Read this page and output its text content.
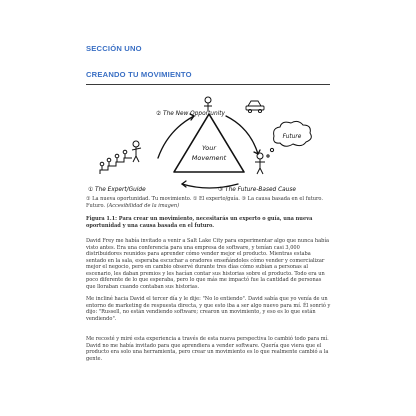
SECCIÓN UNO
CREANDO TU MOVIMIENTO
Your
Movement
② The New Opportunity
Future
① The Expert/Guide	③ The Future-Based Cause
① La nueva oportunidad. Tu movimiento. ① El experto/guía. ③ La causa basada en el futuro. Futuro. (Accesibilidad de la imagen)
Figura 1.1: Para crear un movimiento, necesitarás un experto o guía, una nueva oportunidad y una causa basada en el futuro.
David Frey me había invitado a venir a Salt Lake City para experimentar algo que nunca había visto antes. Era una conferencia para una empresa de software, y tenían casi 3,000 distribuidores reunidos para aprender cómo vender mejor el producto. Mientras estaba sentado en la sala, esperaba escuchar a oradores enseñándoles cómo vender y comercializar mejor el negocio, pero en cambio observé durante tres días cómo subían a personas al escenario, les daban premios y les hacían contar sus historias sobre el producto. Todo era un poco diferente de lo que esperaba, pero lo que más me impactó fue la cantidad de personas que lloraban cuando contaban sus historias.
Me incliné hacia David el tercer día y le dije: "No lo entiendo". David sabía que yo venía de un entorno de marketing de respuesta directa, y que esto iba a ser algo nuevo para mí. Él sonrió y dijo: "Russell, no están vendiendo software; crearon un movimiento, y eso es lo que están vendiendo".
Me recosté y miré esta experiencia a través de esta nueva perspectiva lo cambió todo para mí. David no me había invitado para que aprendiera a vender software. Quería que viera que el producto era solo una herramienta, pero crear un movimiento es lo que realmente cambió a la gente.
